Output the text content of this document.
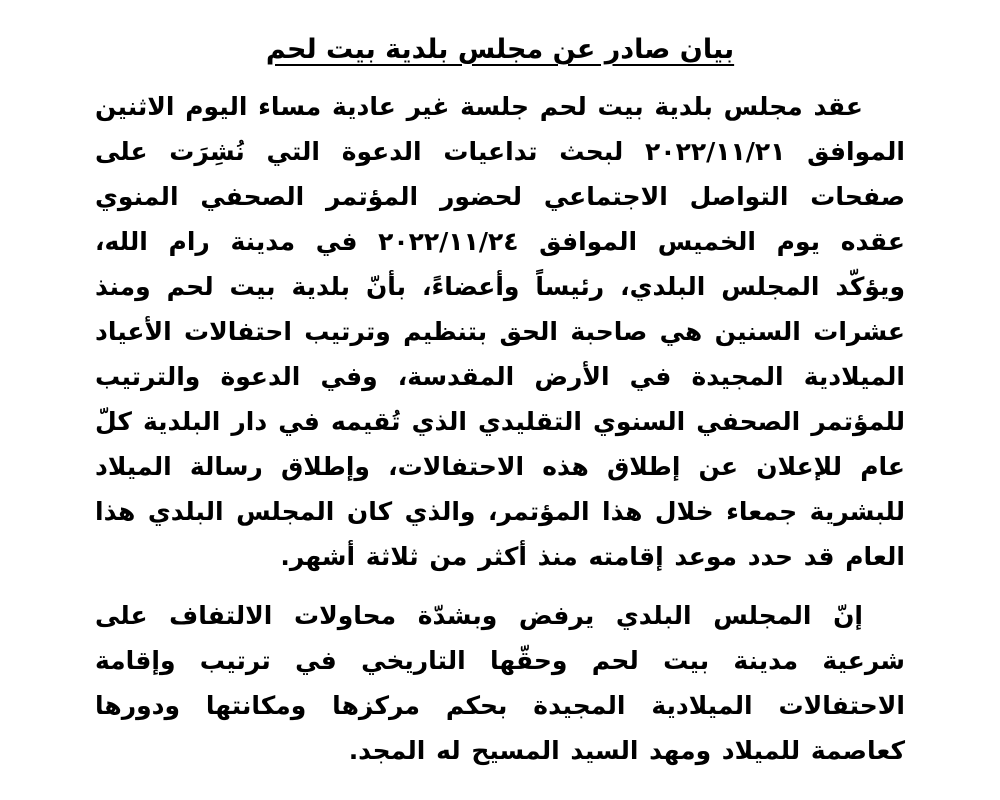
بيان صادر عن مجلس بلدية بيت لحم

عقد مجلس بلدية بيت لحم جلسة غير عادية مساء اليوم الاثنين الموافق ٢٠٢٢/١١/٢١ لبحث تداعيات الدعوة التي نُشِرَت على صفحات التواصل الاجتماعي لحضور المؤتمر الصحفي المنوي عقده يوم الخميس الموافق ٢٠٢٢/١١/٢٤ في مدينة رام الله، ويؤكّد المجلس البلدي، رئيساً وأعضاءً، بأنّ بلدية بيت لحم ومنذ عشرات السنين هي صاحبة الحق بتنظيم وترتيب احتفالات الأعياد الميلادية المجيدة في الأرض المقدسة، وفي الدعوة والترتيب للمؤتمر الصحفي السنوي التقليدي الذي تُقيمه في دار البلدية كلّ عام للإعلان عن إطلاق هذه الاحتفالات، وإطلاق رسالة الميلاد للبشرية جمعاء خلال هذا المؤتمر، والذي كان المجلس البلدي هذا العام قد حدد موعد إقامته منذ أكثر من ثلاثة أشهر.

إنّ المجلس البلدي يرفض وبشدّة محاولات الالتفاف على شرعية مدينة بيت لحم وحقّها التاريخي في ترتيب وإقامة الاحتفالات الميلادية المجيدة بحكم مركزها ومكانتها ودورها كعاصمة للميلاد ومهد السيد المسيح له المجد.
